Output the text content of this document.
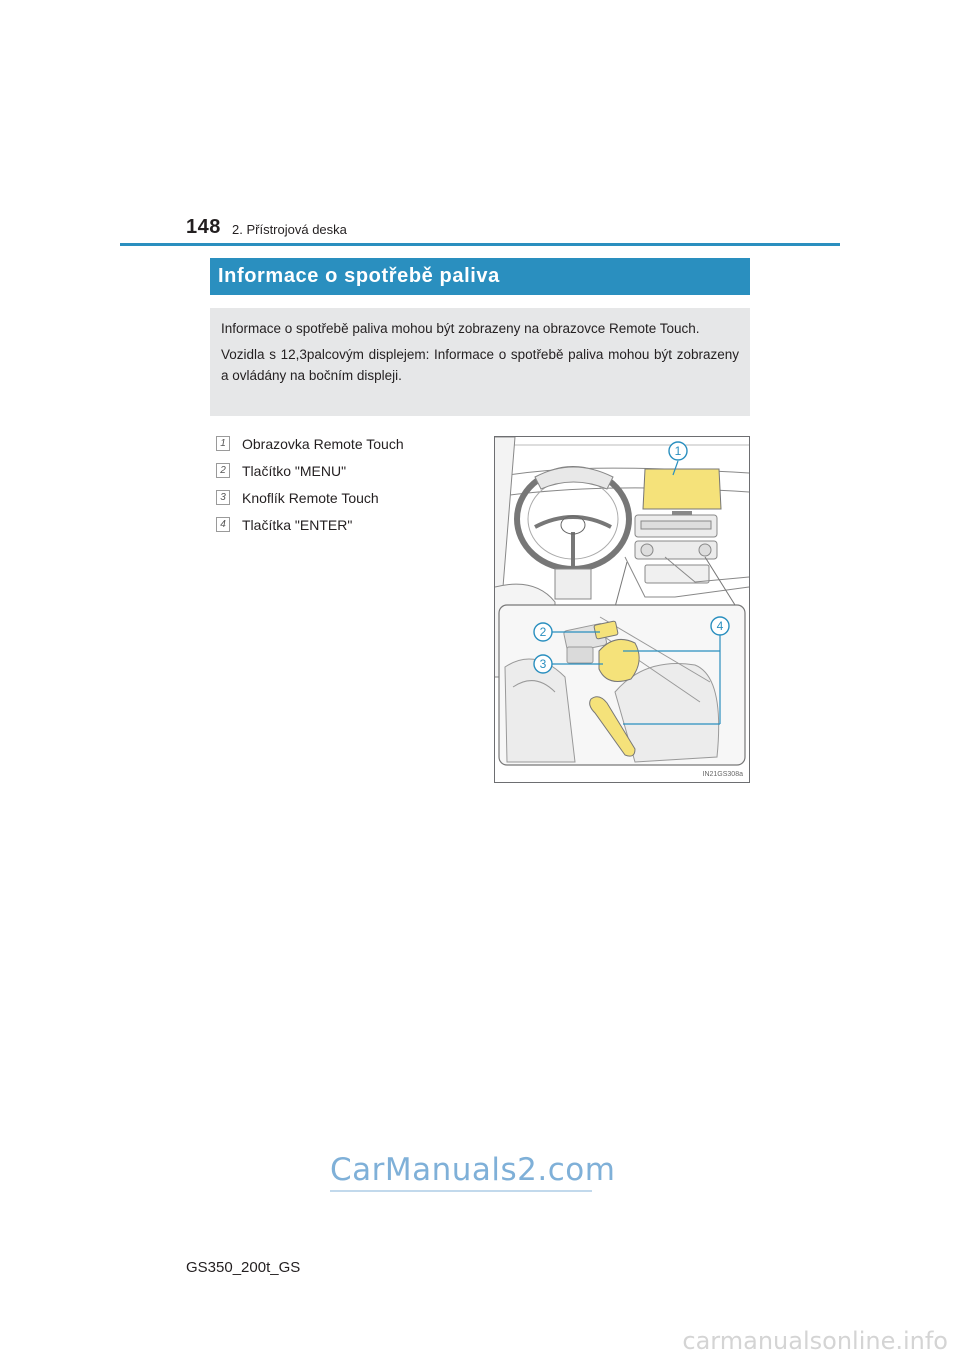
148 2. Přístrojová deska
Informace o spotřebě paliva

Informace o spotřebě paliva mohou být zobrazeny na obrazovce Remote Touch.

Vozidla s 12,3palcovým displejem: Informace o spotřebě paliva mohou být zobrazeny a ovládány na bočním displeji.

1	Obrazovka Remote Touch
2	Tlačítko "MENU"
3	Knoflík Remote Touch
4	Tlačítka "ENTER"
1
2
3
4
IN21GS308a
CarManuals2.com
GS350_200t_GS
carmanualsonline.info
